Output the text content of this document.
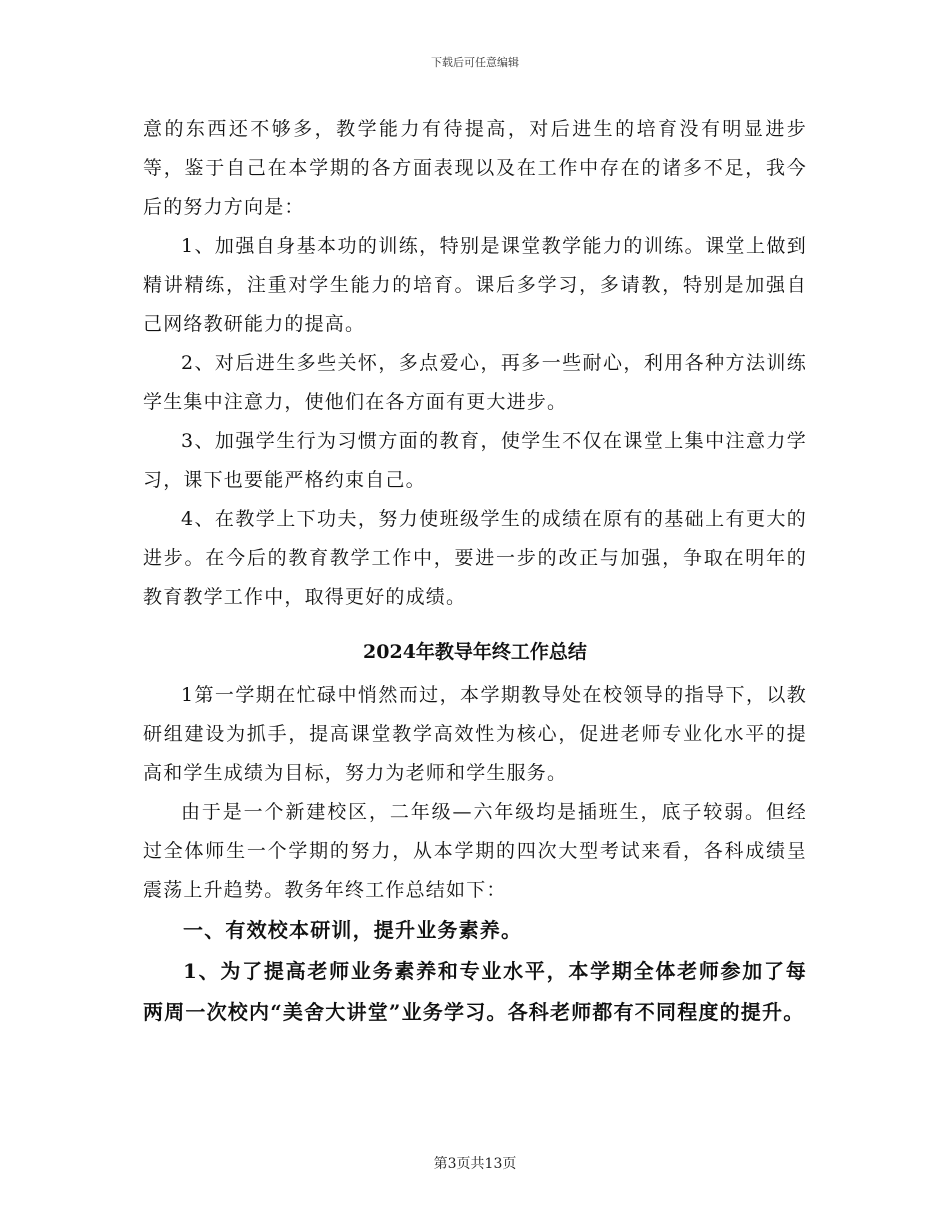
下载后可任意编辑

意的东西还不够多，教学能力有待提高，对后进生的培育没有明显进步等，鉴于自己在本学期的各方面表现以及在工作中存在的诸多不足，我今后的努力方向是：

1、加强自身基本功的训练，特别是课堂教学能力的训练。课堂上做到精讲精练，注重对学生能力的培育。课后多学习，多请教，特别是加强自己网络教研能力的提高。

2、对后进生多些关怀，多点爱心，再多一些耐心，利用各种方法训练学生集中注意力，使他们在各方面有更大进步。

3、加强学生行为习惯方面的教育，使学生不仅在课堂上集中注意力学习，课下也要能严格约束自己。

4、在教学上下功夫，努力使班级学生的成绩在原有的基础上有更大的进步。在今后的教育教学工作中，要进一步的改正与加强，争取在明年的教育教学工作中，取得更好的成绩。

2024年教导年终工作总结

1第一学期在忙碌中悄然而过，本学期教导处在校领导的指导下，以教研组建设为抓手，提高课堂教学高效性为核心，促进老师专业化水平的提高和学生成绩为目标，努力为老师和学生服务。

由于是一个新建校区，二年级—六年级均是插班生，底子较弱。但经过全体师生一个学期的努力，从本学期的四次大型考试来看，各科成绩呈震荡上升趋势。教务年终工作总结如下：

一、有效校本研训，提升业务素养。

1、为了提高老师业务素养和专业水平，本学期全体老师参加了每两周一次校内“美舍大讲堂”业务学习。各科老师都有不同程度的提升。

第3页共13页
